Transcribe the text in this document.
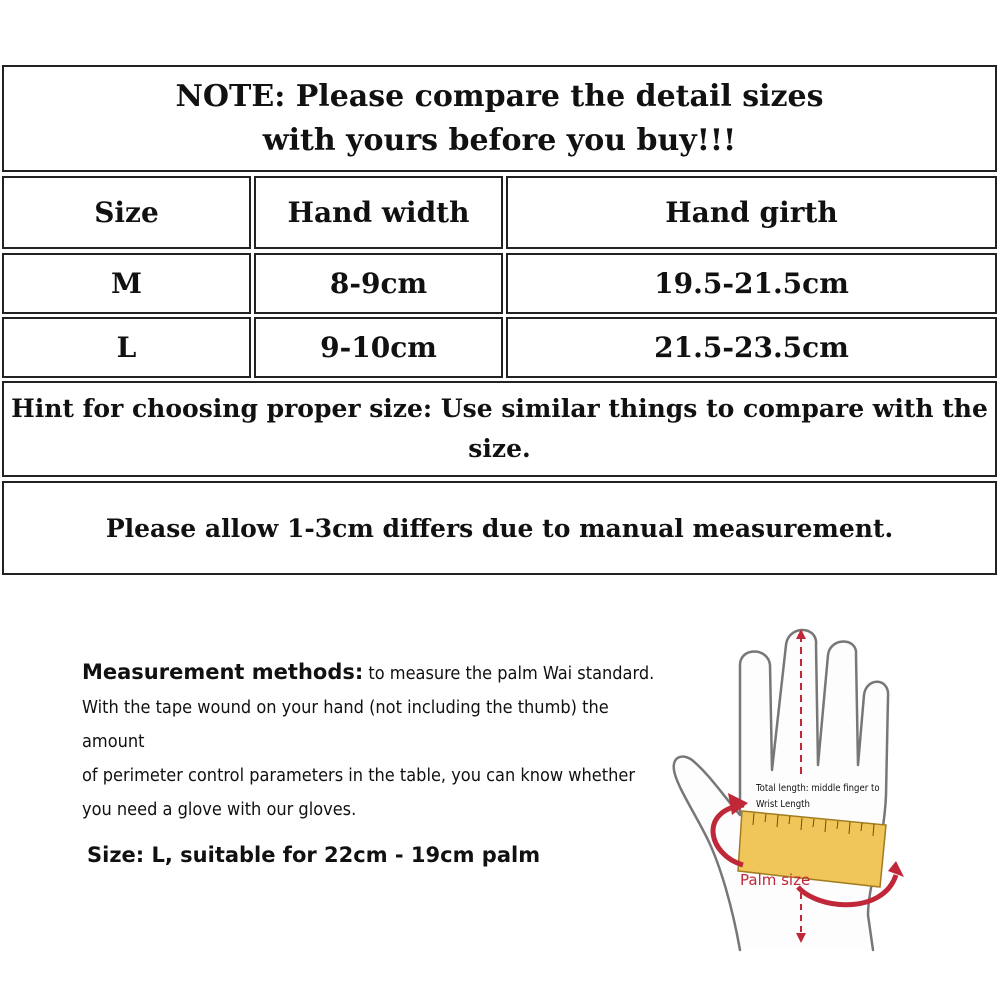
NOTE: Please compare the detail sizes
with yours before you buy!!!
Size	Hand width	Hand girth
M	8-9cm	19.5-21.5cm
L	9-10cm	21.5-23.5cm
Hint for choosing proper size: Use similar things to compare with the size.
Please allow 1-3cm differs due to manual measurement.
Measurement methods: to measure the palm Wai standard.
With the tape wound on your hand (not including the thumb) the amount
of perimeter control parameters in the table, you can know whether
you need a glove with our gloves.
Size: L, suitable for 22cm - 19cm palm
Total length: middle finger to Wrist Length
Palm size
